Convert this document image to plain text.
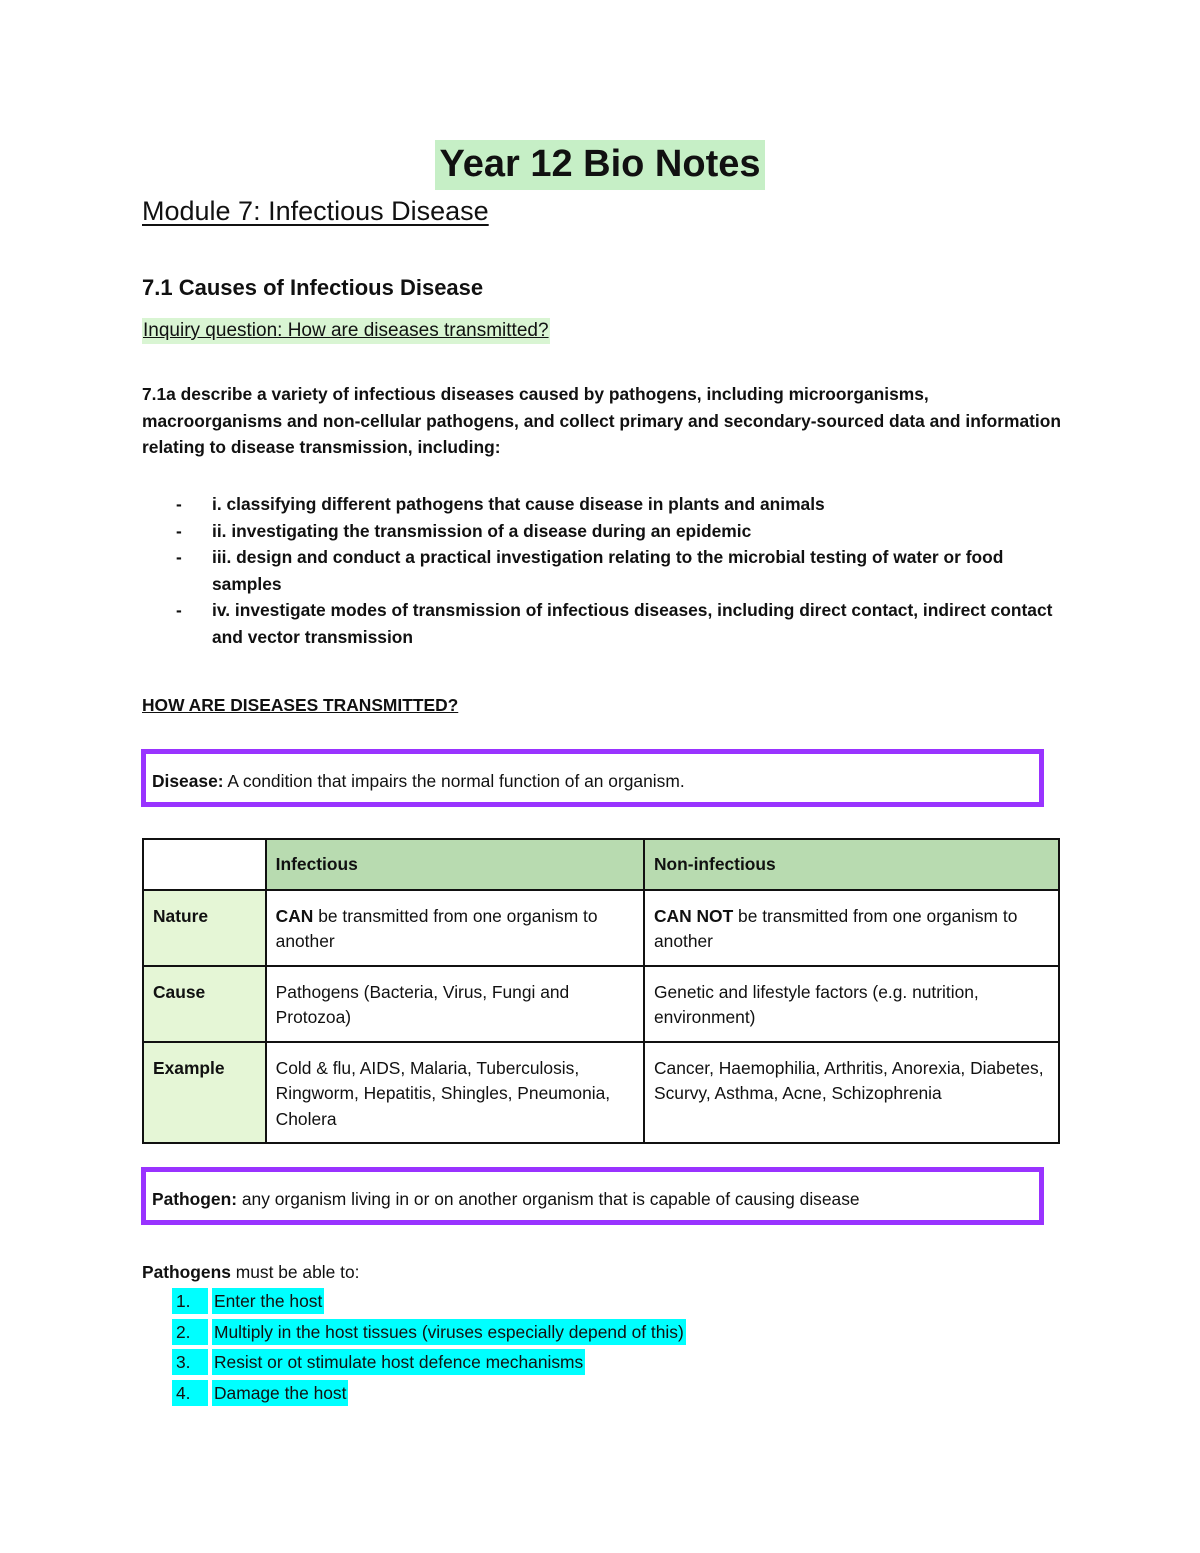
Year 12 Bio Notes
Module 7: Infectious Disease
7.1 Causes of Infectious Disease
Inquiry question: How are diseases transmitted?
7.1a describe a variety of infectious diseases caused by pathogens, including microorganisms, macroorganisms and non-cellular pathogens, and collect primary and secondary-sourced data and information relating to disease transmission, including:
- i. classifying different pathogens that cause disease in plants and animals
- ii. investigating the transmission of a disease during an epidemic
- iii. design and conduct a practical investigation relating to the microbial testing of water or food samples
- iv. investigate modes of transmission of infectious diseases, including direct contact, indirect contact and vector transmission
HOW ARE DISEASES TRANSMITTED?
Disease: A condition that impairs the normal function of an organism.
	Infectious	Non-infectious
Nature	CAN be transmitted from one organism to another	CAN NOT be transmitted from one organism to another
Cause	Pathogens (Bacteria, Virus, Fungi and Protozoa)	Genetic and lifestyle factors (e.g. nutrition, environment)
Example	Cold & flu, AIDS, Malaria, Tuberculosis, Ringworm, Hepatitis, Shingles, Pneumonia, Cholera	Cancer, Haemophilia, Arthritis, Anorexia, Diabetes, Scurvy, Asthma, Acne, Schizophrenia
Pathogen: any organism living in or on another organism that is capable of causing disease
Pathogens must be able to:
1. Enter the host
2. Multiply in the host tissues (viruses especially depend of this)
3. Resist or ot stimulate host defence mechanisms
4. Damage the host
